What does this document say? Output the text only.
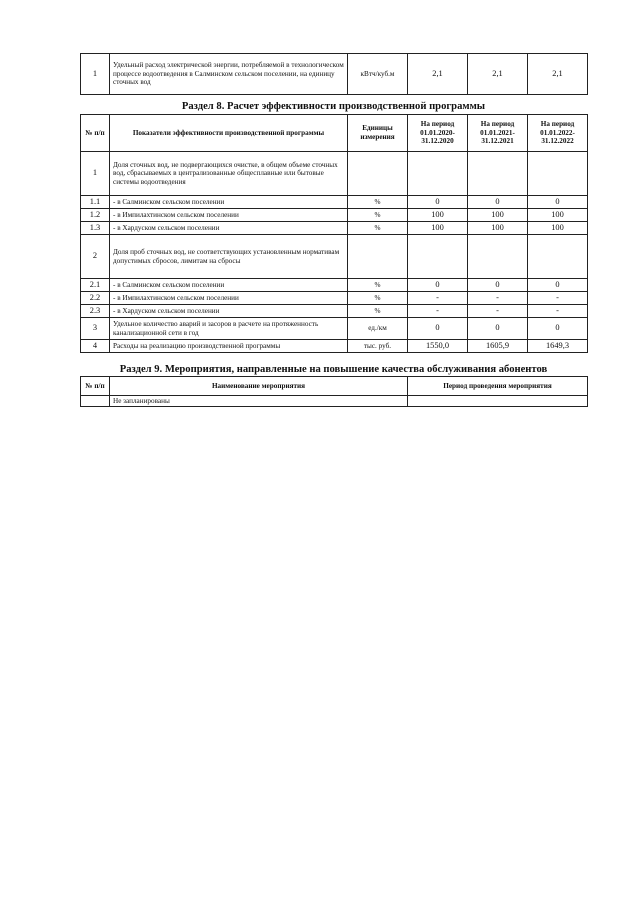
1	Удельный расход электрической энергии, потребляемой в технологическом процессе водоотведения в Салминском сельском поселении, на единицу сточных вод	кВтч/куб.м	2,1	2,1	2,1
Раздел 8. Расчет эффективности производственной программы
№ п/п	Показатели эффективности производственной программы	Единицы измерения	На период 01.01.2020-31.12.2020	На период 01.01.2021-31.12.2021	На период 01.01.2022-31.12.2022
1	Доля сточных вод, не подвергающихся очистке, в общем объеме сточных вод, сбрасываемых в централизованные общесплавные или бытовые системы водоотведения				
1.1	- в Салминском сельском поселении	%	0	0	0
1.2	- в Импилахтинском сельском поселении	%	100	100	100
1.3	- в Хардуском сельском поселении	%	100	100	100
2	Доля проб сточных вод, не соответствующих установленным нормативам допустимых сбросов, лимитам на сбросы				
2.1	- в Салминском сельском поселении	%	0	0	0
2.2	- в Импилахтинском сельском поселении	%	-	-	-
2.3	- в Хардуском сельском поселении	%	-	-	-
3	Удельное количество аварий и засоров в расчете на протяженность канализационной сети в год	ед./км	0	0	0
4	Расходы на реализацию производственной программы	тыс. руб.	1550,0	1605,9	1649,3
Раздел 9. Мероприятия, направленные на повышение качества обслуживания абонентов
№ п/п	Наименование мероприятия	Период проведения мероприятия
	Не запланированы	
